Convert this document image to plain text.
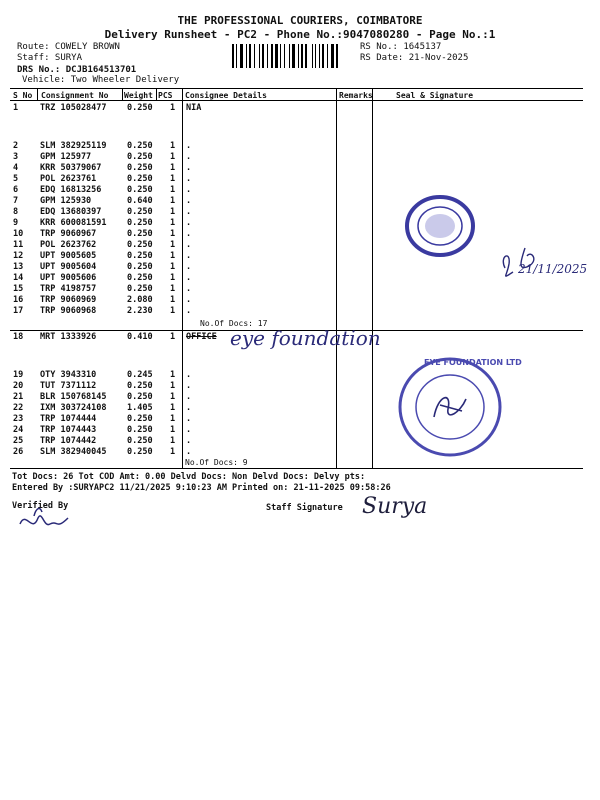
THE PROFESSIONAL COURIERS, COIMBATORE
Delivery Runsheet - PC2 - Phone No.:9047080280 - Page No.:1
Route: COWELY BROWN
Staff: SURYA
DRS No.: DCJB164513701
Vehicle: Two Wheeler Delivery
RS No.: 1645137
RS Date: 21-Nov-2025
S No Consignment No Weight PCS Consignee Details	Remarks	Seal & Signature
1	TRZ 105028477 0.250 1 NIA
2	SLM 382925119 0.250 1 .
3	GPM 125977	0.250 1 .
4	KRR 50379067	0.250 1 .
5	POL 2623761	0.250 1 .
6	EDQ 16813256	0.250 1 .
7	GPM 125930	0.640 1 .
8	EDQ 13680397	0.250 1 .
9	KRR 600081591 0.250 1 .
10 TRP 9060967	0.250 1 .
11 POL 2623762	0.250 1 .
12 UPT 9005605	0.250 1 .
13 UPT 9005604	0.250 1 .
14 UPT 9005606	0.250 1 .
15 TRP 4198757	0.250 1 .
16 TRP 9060969	2.080 1 .
17 TRP 9060968	2.230 1 .
No.Of Docs: 17
18 MRT 1333926	0.410 1 OFFICE eye foundation
19 OTY 3943310	0.245 1 .
20 TUT 7371112	0.250 1 .
21 BLR 150768145 0.250 1 .
22 IXM 303724108 1.405 1 .
23 TRP 1074444	0.250 1 .
24 TRP 1074443	0.250 1 .
25 TRP 1074442	0.250 1 .
26 SLM 382940045 0.250 1 .
No.Of Docs: 9
21/11/2025
EYE FOUNDATION LTD
Tot Docs: 26 Tot COD Amt: 0.00 Delvd Docs: Non Delvd Docs: Delvy pts:
Entered By :SURYAPC2 11/21/2025 9:10:23 AM Printed on: 21-11-2025 09:58:26
Verified By	Staff Signature Surya
